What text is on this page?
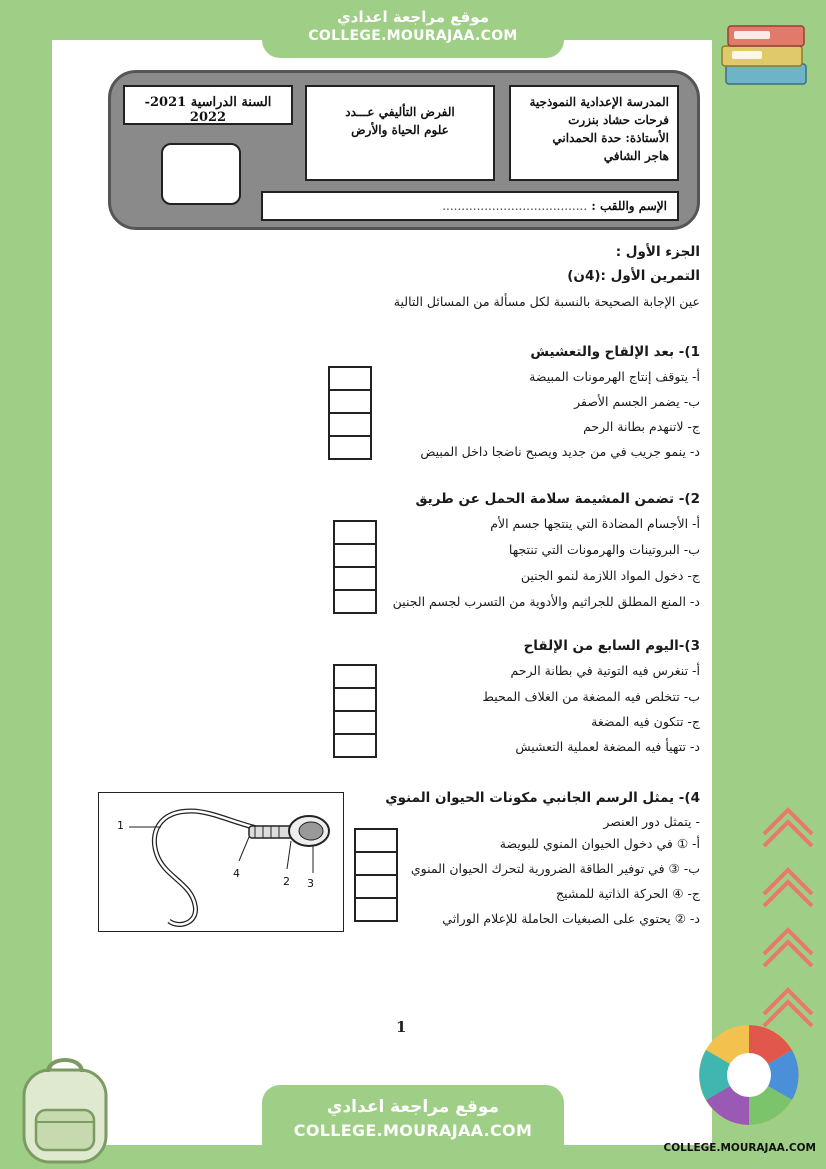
موقع مراجعة اعدادي
COLLEGE.MOURAJAA.COM
المدرسة الإعدادية النموذجية
فرحات حشاد بنزرت
الأستاذة: حدة الحمداني
هاجر الشافي
الفرض التأليفي عـــدد
علوم الحياة والأرض
السنة الدراسية 2021-2022
الإسم واللقب : ......................................
الجزء الأول :
التمرين الأول :(4ن)
عين الإجابة الصحيحة بالنسبة لكل مسألة من المسائل التالية
1)- بعد الإلقاح والتعشيش
أ- يتوقف إنتاج الهرمونات المبيضة
ب- يضمر الجسم الأصفر
ج- لاتنهدم بطانة الرحم
د- ينمو جريب في من جديد ويصبح ناضجا داخل المبيض
2)- تضمن المشيمة سلامة الحمل عن طريق
أ- الأجسام المضادة التي ينتجها جسم الأم
ب- البروتينات والهرمونات التي تنتجها
ج- دخول المواد اللازمة لنمو الجنين
د- المنع المطلق للجراثيم والأدوية من التسرب لجسم الجنين
3)-اليوم السابع من الإلقاح
أ- تنغرس فيه التوتية في بطانة الرحم
ب- تتخلص فيه المضغة من الغلاف المحيط
ج- تتكون فيه المضغة
د- تتهيأ فيه المضغة لعملية التعشيش
4)- يمثل الرسم الجانبي مكونات الحيوان المنوي
- يتمثل دور العنصر
أ- ① في دخول الحيوان المنوي للبويضة
ب- ③ في توفير الطاقة الضرورية لتحرك الحيوان المنوي
ج- ④ الحركة الذاتية للمشيج
د- ② يحتوي على الصبغيات الحاملة للإعلام الوراثي
1
4
2 3
1
موقع مراجعة اعدادي
COLLEGE.MOURAJAA.COM
COLLEGE.MOURAJAA.COM
